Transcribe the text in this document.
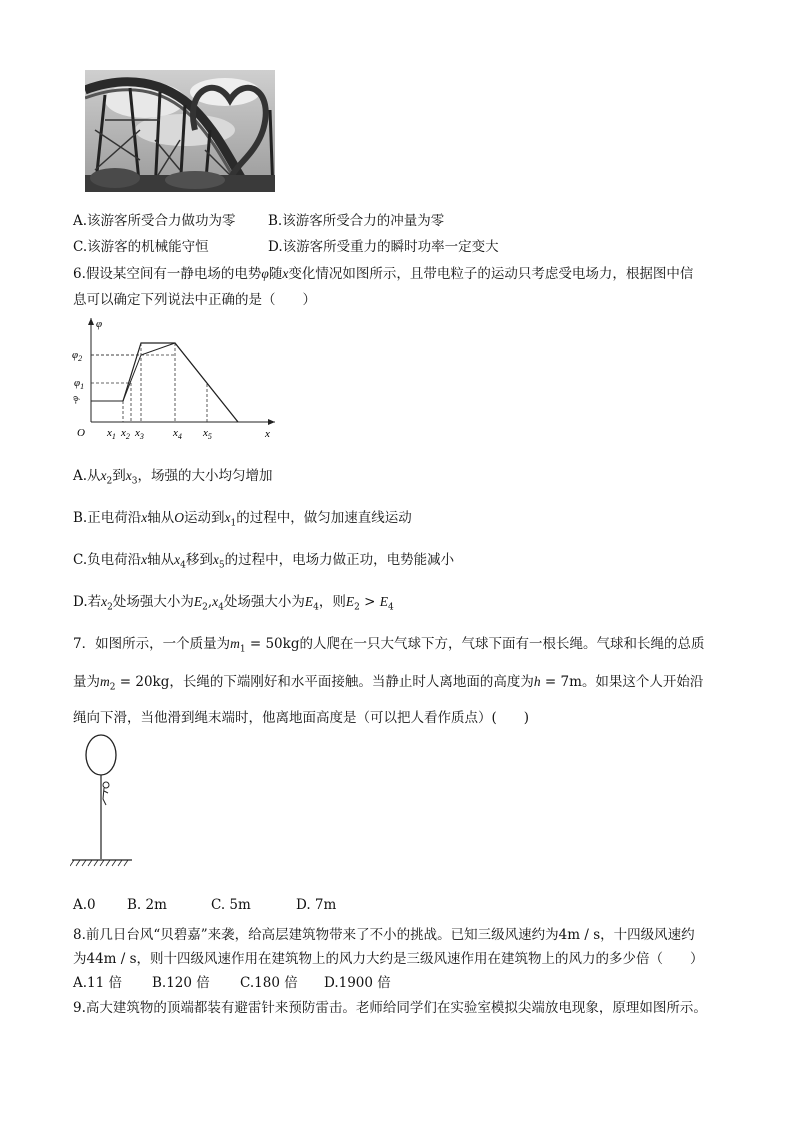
A.该游客所受合力做功为零 B.该游客所受合力的冲量为零
C.该游客的机械能守恒	D.该游客所受重力的瞬时功率一定变大
6.假设某空间有一静电场的电势φ随x变化情况如图所示，且带电粒子的运动只考虑受电场力，根据图中信
息可以确定下列说法中正确的是（　　）
φ
x
O
$\varphi_2$
$\varphi_1$
-φ
$x_1$ $x_2$ $x_3$	$x_4$ $x_5$
A.从$x_2$到$x_3$，场强的大小均匀增加
B.正电荷沿x轴从O运动到$x_1$的过程中，做匀加速直线运动
C.负电荷沿x轴从$x_4$移到$x_5$的过程中，电场力做正功，电势能减小
D.若$x_2$处场强大小为$E_2,x_4$处场强大小为$E_4$，则$E_2 > E_4$
7．如图所示，一个质量为$m_1 = 50kg$的人爬在一只大气球下方，气球下面有一根长绳。气球和长绳的总质
量为$m_2 = 20kg$，长绳的下端刚好和水平面接触。当静止时人离地面的高度为h = 7m。如果这个人开始沿
绳向下滑，当他滑到绳末端时，他离地面高度是（可以把人看作质点）(　　)
A.0 B. 2m	C. 5m	D. 7m
8.前几日台风“贝碧嘉”来袭，给高层建筑物带来了不小的挑战。已知三级风速约为4m / s，十四级风速约
为44m / s，则十四级风速作用在建筑物上的风力大约是三级风速作用在建筑物上的风力的多少倍（　　）
A.11 倍 B.120 倍 C.180 倍 D.1900 倍
9.高大建筑物的顶端都装有避雷针来预防雷击。老师给同学们在实验室模拟尖端放电现象，原理如图所示。
